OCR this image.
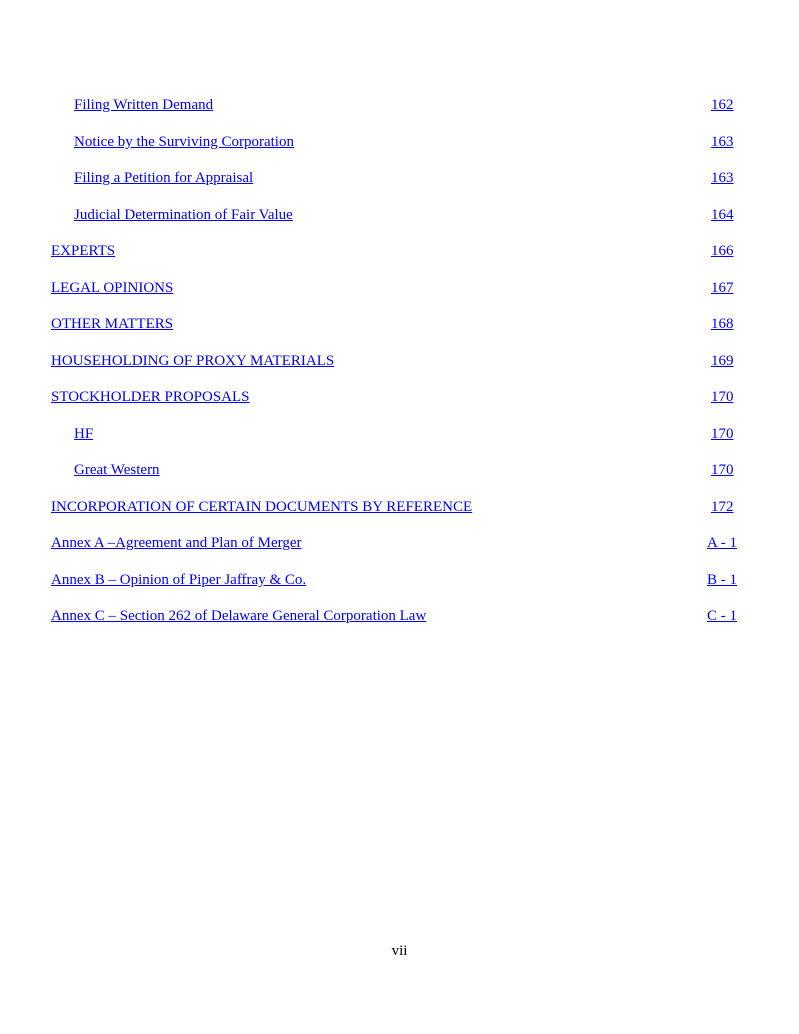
Filing Written Demand	162
Notice by the Surviving Corporation	163
Filing a Petition for Appraisal	163
Judicial Determination of Fair Value	164
EXPERTS	166
LEGAL OPINIONS	167
OTHER MATTERS	168
HOUSEHOLDING OF PROXY MATERIALS	169
STOCKHOLDER PROPOSALS	170
HF	170
Great Western	170
INCORPORATION OF CERTAIN DOCUMENTS BY REFERENCE	172
Annex A –Agreement and Plan of Merger	A - 1
Annex B – Opinion of Piper Jaffray & Co.	B - 1
Annex C – Section 262 of Delaware General Corporation Law	C - 1
vii
